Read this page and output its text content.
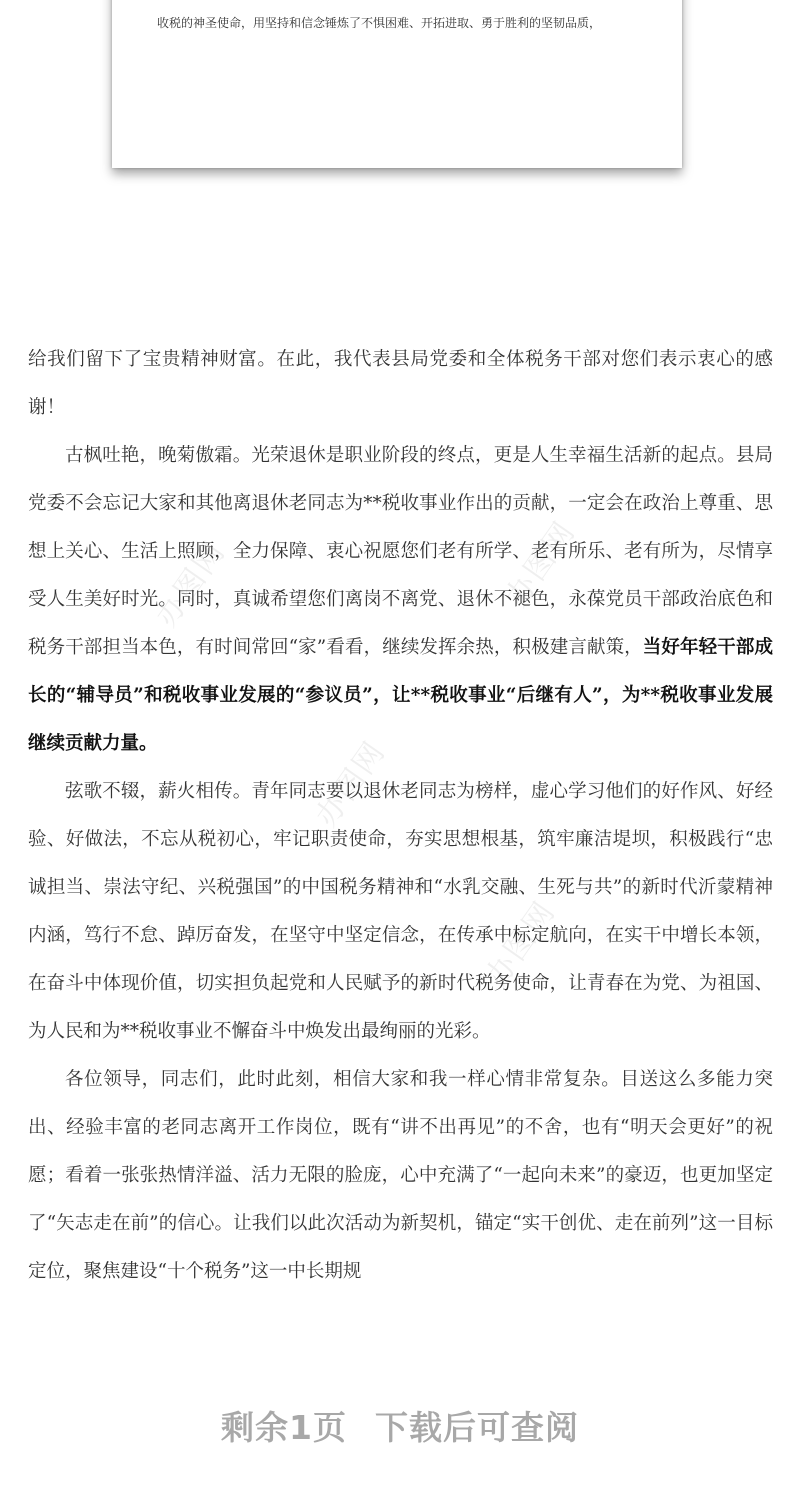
收税的神圣使命，用坚持和信念锤炼了不惧困难、开拓进取、勇于胜利的坚韧品质，
办图网	办图网
办图网
办图网

给我们留下了宝贵精神财富。在此，我代表县局党委和全体税务干部对您们表示衷心的感谢！

古枫吐艳，晚菊傲霜。光荣退休是职业阶段的终点，更是人生幸福生活新的起点。县局党委不会忘记大家和其他离退休老同志为**税收事业作出的贡献，一定会在政治上尊重、思想上关心、生活上照顾，全力保障、衷心祝愿您们老有所学、老有所乐、老有所为，尽情享受人生美好时光。同时，真诚希望您们离岗不离党、退休不褪色，永葆党员干部政治底色和税务干部担当本色，有时间常回“家”看看，继续发挥余热，积极建言献策，当好年轻干部成长的“辅导员”和税收事业发展的“参议员”，让**税收事业“后继有人”，为**税收事业发展继续贡献力量。

弦歌不辍，薪火相传。青年同志要以退休老同志为榜样，虚心学习他们的好作风、好经验、好做法，不忘从税初心，牢记职责使命，夯实思想根基，筑牢廉洁堤坝，积极践行“忠诚担当、崇法守纪、兴税强国”的中国税务精神和“水乳交融、生死与共”的新时代沂蒙精神内涵，笃行不怠、踔厉奋发，在坚守中坚定信念，在传承中标定航向，在实干中增长本领，在奋斗中体现价值，切实担负起党和人民赋予的新时代税务使命，让青春在为党、为祖国、为人民和为**税收事业不懈奋斗中焕发出最绚丽的光彩。

各位领导，同志们，此时此刻，相信大家和我一样心情非常复杂。目送这么多能力突出、经验丰富的老同志离开工作岗位，既有“讲不出再见”的不舍，也有“明天会更好”的祝愿；看着一张张热情洋溢、活力无限的脸庞，心中充满了“一起向未来”的豪迈，也更加坚定了“矢志走在前”的信心。让我们以此次活动为新契机，锚定“实干创优、走在前列”这一目标定位，聚焦建设“十个税务”这一中长期规

剩余1页 下载后可查阅
